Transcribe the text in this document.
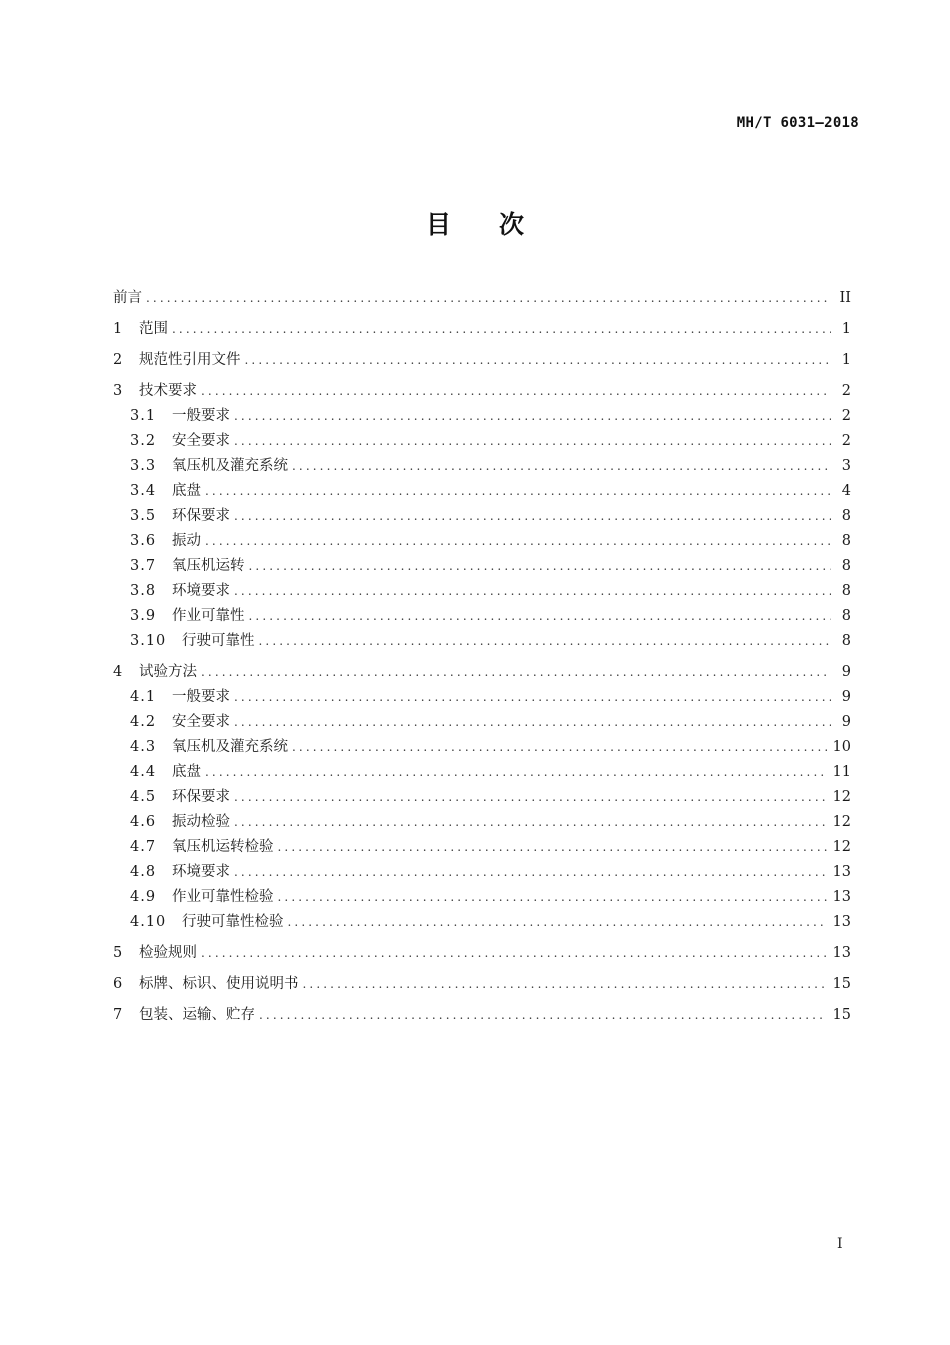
MH/T 6031—2018
目次
前言 .....	II
1	范围 .....	1
2	规范性引用文件 .....	1
3	技术要求 .....	2
3.1	一般要求 .....	2
3.2	安全要求 .....	2
3.3	氧压机及灌充系统 .....	3
3.4	底盘 .....	4
3.5	环保要求 .....	8
3.6	振动 .....	8
3.7	氧压机运转 .....	8
3.8	环境要求 .....	8
3.9	作业可靠性 .....	8
3.10	行驶可靠性 .....	8
4	试验方法 .....	9
4.1	一般要求 .....	9
4.2	安全要求 .....	9
4.3	氧压机及灌充系统 .....	10
4.4	底盘 .....	11
4.5	环保要求 .....	12
4.6	振动检验 .....	12
4.7	氧压机运转检验 .....	12
4.8	环境要求 .....	13
4.9	作业可靠性检验 .....	13
4.10	行驶可靠性检验 .....	13
5	检验规则 .....	13
6	标牌、标识、使用说明书 .....	15
7	包装、运输、贮存 .....	15
I
